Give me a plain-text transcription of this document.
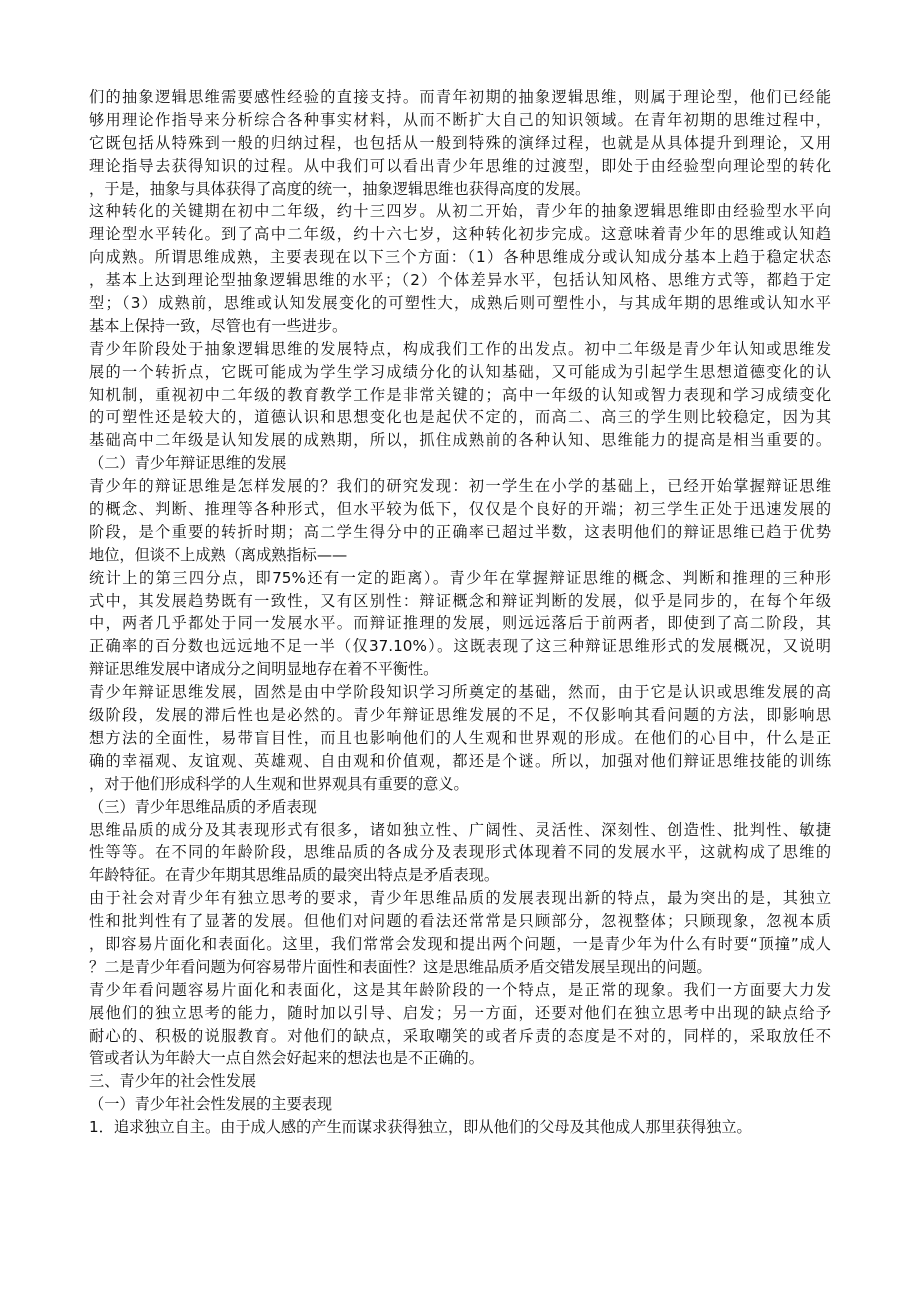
们的抽象逻辑思维需要感性经验的直接支持。而青年初期的抽象逻辑思维，则属于理论型，他们已经能
够用理论作指导来分析综合各种事实材料，从而不断扩大自己的知识领域。在青年初期的思维过程中，
它既包括从特殊到一般的归纳过程，也包括从一般到特殊的演绎过程，也就是从具体提升到理论，又用
理论指导去获得知识的过程。从中我们可以看出青少年思维的过渡型，即处于由经验型向理论型的转化
，于是，抽象与具体获得了高度的统一，抽象逻辑思维也获得高度的发展。
这种转化的关键期在初中二年级，约十三四岁。从初二开始，青少年的抽象逻辑思维即由经验型水平向
理论型水平转化。到了高中二年级，约十六七岁，这种转化初步完成。这意味着青少年的思维或认知趋
向成熟。所谓思维成熟，主要表现在以下三个方面：（1）各种思维成分或认知成分基本上趋于稳定状态
，基本上达到理论型抽象逻辑思维的水平；（2）个体差异水平，包括认知风格、思维方式等，都趋于定
型；（3）成熟前，思维或认知发展变化的可塑性大，成熟后则可塑性小，与其成年期的思维或认知水平
基本上保持一致，尽管也有一些进步。
青少年阶段处于抽象逻辑思维的发展特点，构成我们工作的出发点。初中二年级是青少年认知或思维发
展的一个转折点，它既可能成为学生学习成绩分化的认知基础，又可能成为引起学生思想道德变化的认
知机制，重视初中二年级的教育教学工作是非常关键的；高中一年级的认知或智力表现和学习成绩变化
的可塑性还是较大的，道德认识和思想变化也是起伏不定的，而高二、高三的学生则比较稳定，因为其
基础高中二年级是认知发展的成熟期，所以，抓住成熟前的各种认知、思维能力的提高是相当重要的。
（二）青少年辩证思维的发展
青少年的辩证思维是怎样发展的？我们的研究发现：初一学生在小学的基础上，已经开始掌握辩证思维
的概念、判断、推理等各种形式，但水平较为低下，仅仅是个良好的开端；初三学生正处于迅速发展的
阶段，是个重要的转折时期；高二学生得分中的正确率已超过半数，这表明他们的辩证思维已趋于优势
地位，但谈不上成熟（离成熟指标——
统计上的第三四分点，即75%还有一定的距离）。青少年在掌握辩证思维的概念、判断和推理的三种形
式中，其发展趋势既有一致性，又有区别性：辩证概念和辩证判断的发展，似乎是同步的，在每个年级
中，两者几乎都处于同一发展水平。而辩证推理的发展，则远远落后于前两者，即使到了高二阶段，其
正确率的百分数也远远地不足一半（仅37.10%）。这既表现了这三种辩证思维形式的发展概况，又说明
辩证思维发展中诸成分之间明显地存在着不平衡性。
青少年辩证思维发展，固然是由中学阶段知识学习所奠定的基础，然而，由于它是认识或思维发展的高
级阶段，发展的滞后性也是必然的。青少年辩证思维发展的不足，不仅影响其看问题的方法，即影响思
想方法的全面性，易带盲目性，而且也影响他们的人生观和世界观的形成。在他们的心目中，什么是正
确的幸福观、友谊观、英雄观、自由观和价值观，都还是个谜。所以，加强对他们辩证思维技能的训练
，对于他们形成科学的人生观和世界观具有重要的意义。
（三）青少年思维品质的矛盾表现
思维品质的成分及其表现形式有很多，诸如独立性、广阔性、灵活性、深刻性、创造性、批判性、敏捷
性等等。在不同的年龄阶段，思维品质的各成分及表现形式体现着不同的发展水平，这就构成了思维的
年龄特征。在青少年期其思维品质的最突出特点是矛盾表现。
由于社会对青少年有独立思考的要求，青少年思维品质的发展表现出新的特点，最为突出的是，其独立
性和批判性有了显著的发展。但他们对问题的看法还常常是只顾部分，忽视整体；只顾现象，忽视本质
，即容易片面化和表面化。这里，我们常常会发现和提出两个问题，一是青少年为什么有时要“顶撞”成人
？二是青少年看问题为何容易带片面性和表面性？这是思维品质矛盾交错发展呈现出的问题。
青少年看问题容易片面化和表面化，这是其年龄阶段的一个特点，是正常的现象。我们一方面要大力发
展他们的独立思考的能力，随时加以引导、启发；另一方面，还要对他们在独立思考中出现的缺点给予
耐心的、积极的说服教育。对他们的缺点，采取嘲笑的或者斥责的态度是不对的，同样的，采取放任不
管或者认为年龄大一点自然会好起来的想法也是不正确的。
三、青少年的社会性发展
（一）青少年社会性发展的主要表现
1．追求独立自主。由于成人感的产生而谋求获得独立，即从他们的父母及其他成人那里获得独立。
